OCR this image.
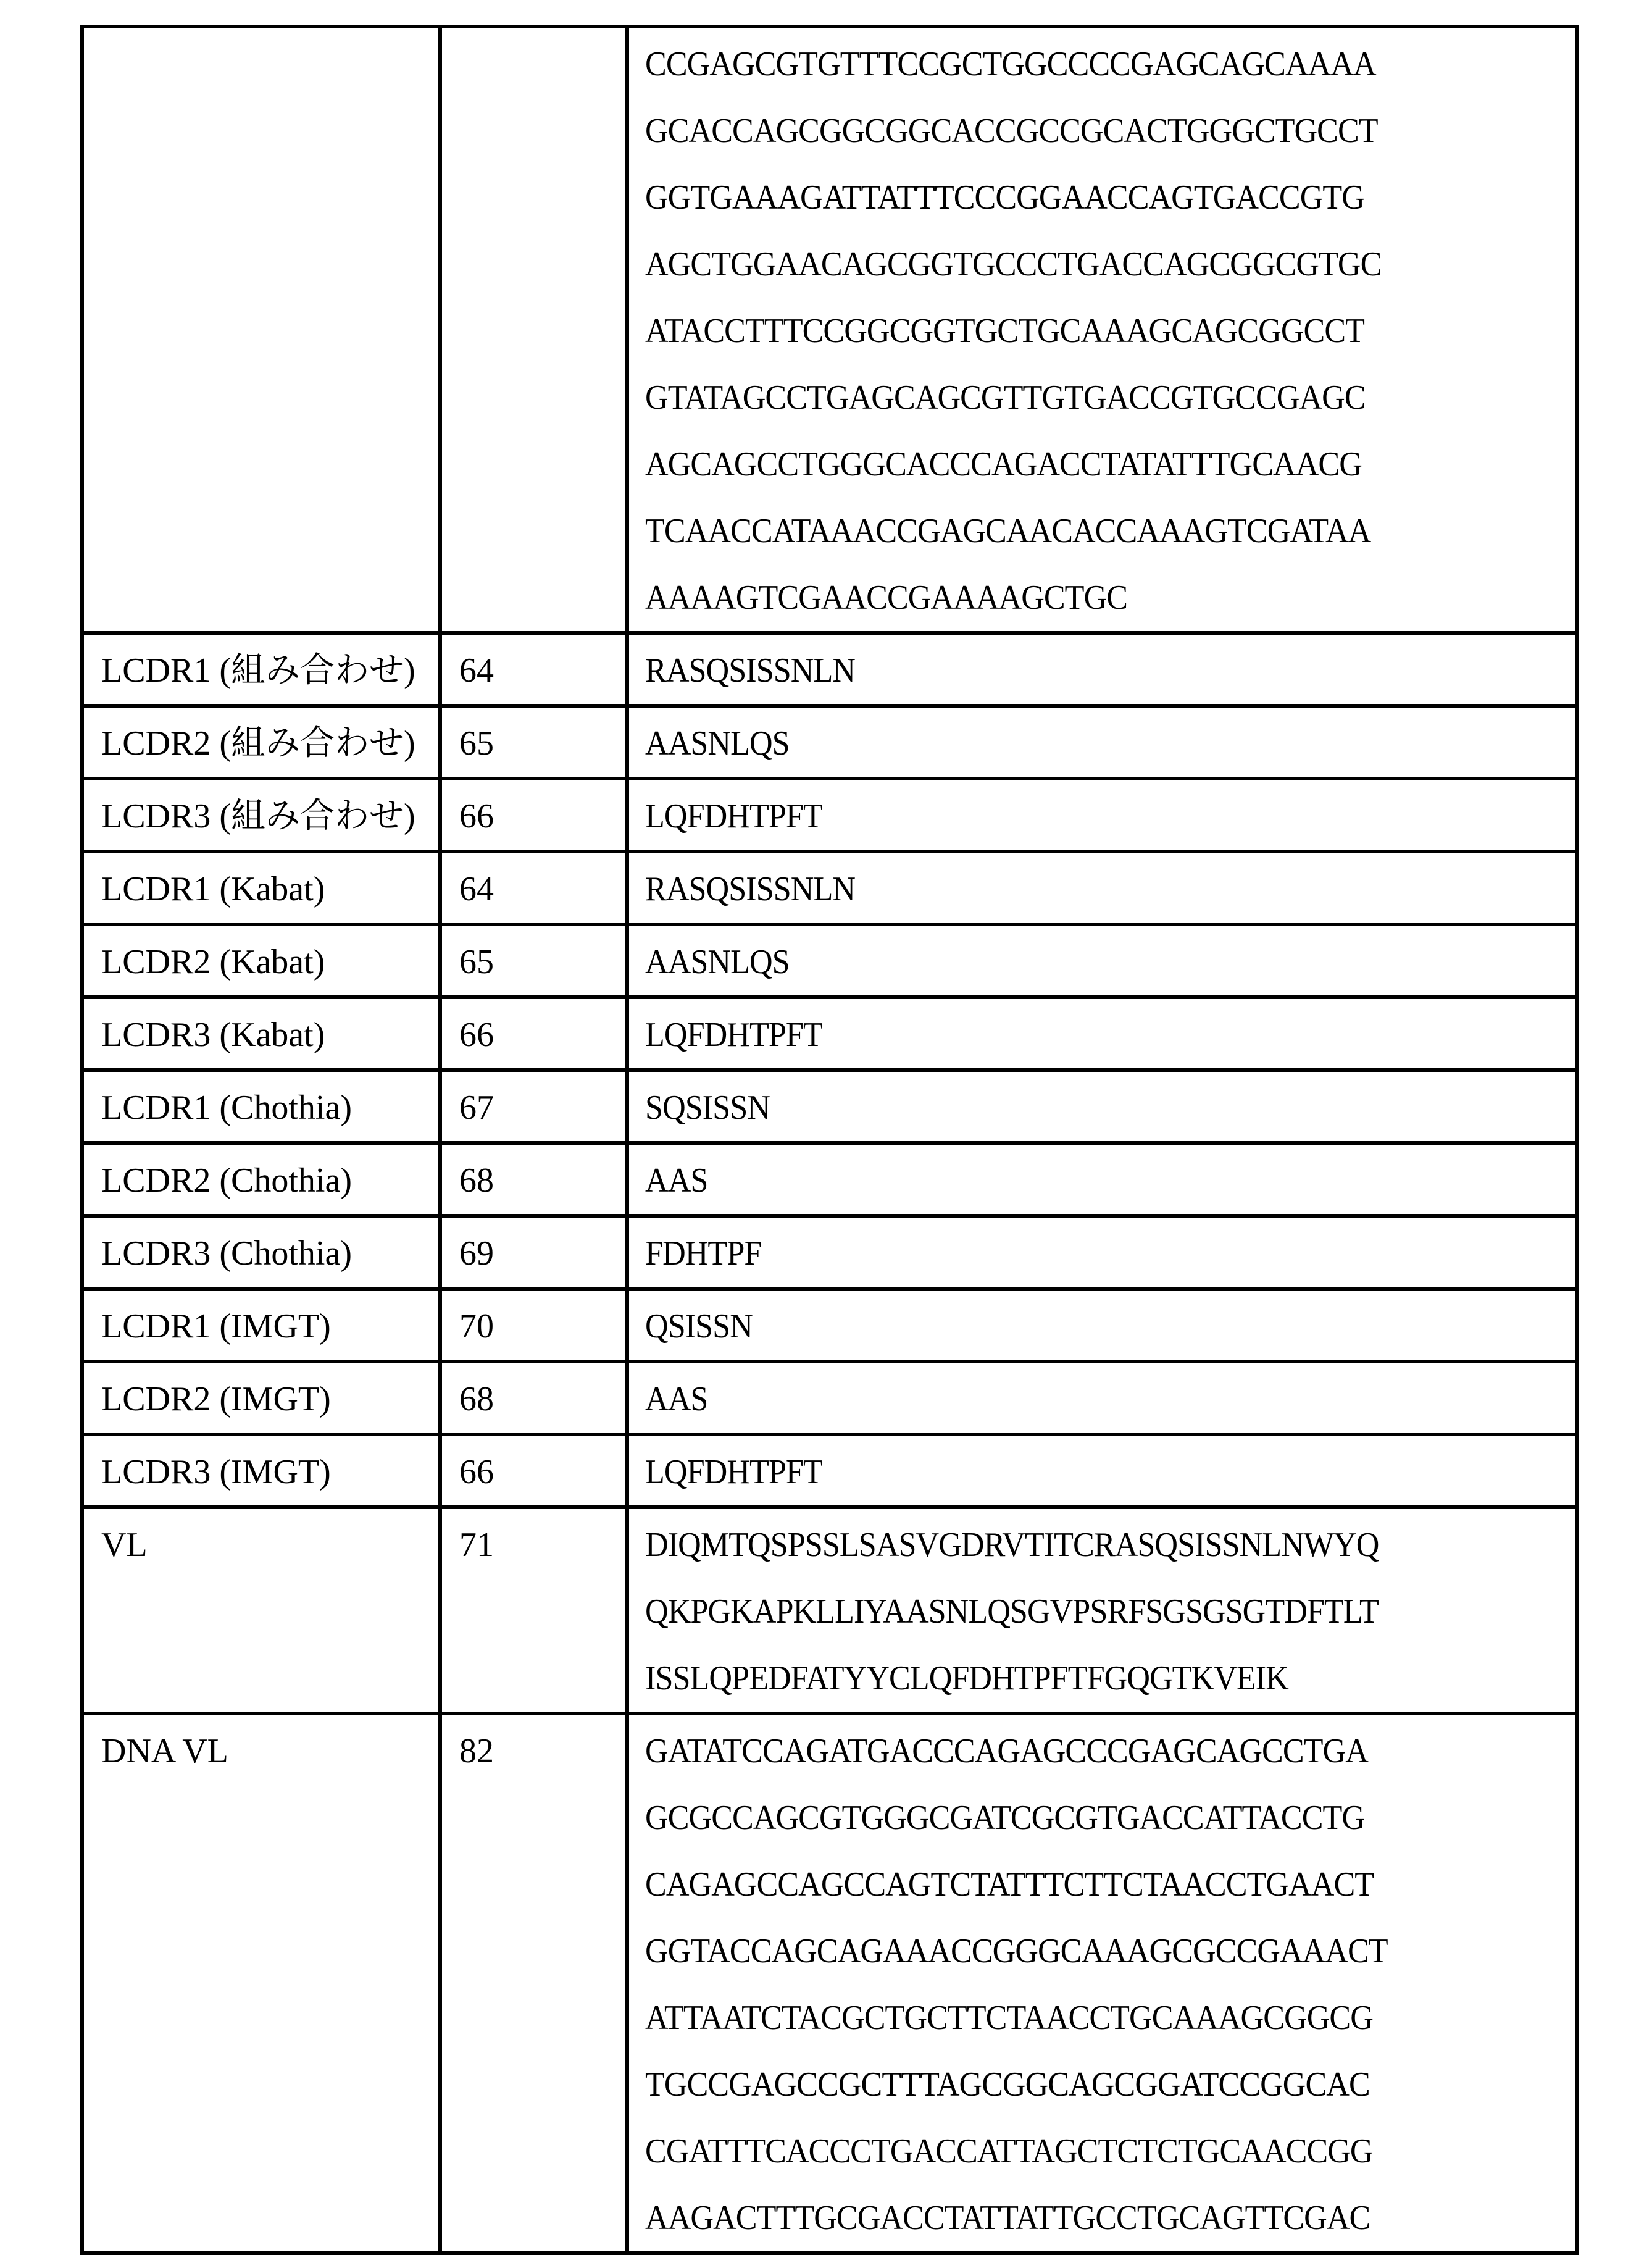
CCGAGCGTGTTTCCGCTGGCCCCGAGCAGCAAAA
GCACCAGCGGCGGCACCGCCGCACTGGGCTGCCT
GGTGAAAGATTATTTCCCGGAACCAGTGACCGTG
AGCTGGAACAGCGGTGCCCTGACCAGCGGCGTGC
ATACCTTTCCGGCGGTGCTGCAAAGCAGCGGCCT
GTATAGCCTGAGCAGCGTTGTGACCGTGCCGAGC
AGCAGCCTGGGCACCCAGACCTATATTTGCAACG
TCAACCATAAACCGAGCAACACCAAAGTCGATAA
AAAAGTCGAACCGAAAAGCTGC

LCDR1 (組み合わせ)	64	RASQSISSNLN

LCDR2 (組み合わせ)	65	AASNLQS

LCDR3 (組み合わせ)	66	LQFDHTPFT

LCDR1 (Kabat)	64	RASQSISSNLN

LCDR2 (Kabat)	65	AASNLQS

LCDR3 (Kabat)	66	LQFDHTPFT

LCDR1 (Chothia)	67	SQSISSN

LCDR2 (Chothia)	68	AAS

LCDR3 (Chothia)	69	FDHTPF

LCDR1 (IMGT)	70	QSISSN

LCDR2 (IMGT)	68	AAS

LCDR3 (IMGT)	66	LQFDHTPFT

VL	71	DIQMTQSPSSLSASVGDRVTITCRASQSISSNLNWYQ
QKPGKAPKLLIYAASNLQSGVPSRFSGSGSGTDFTLT
ISSLQPEDFATYYCLQFDHTPFTFGQGTKVEIK

DNA VL	82	GATATCCAGATGACCCAGAGCCCGAGCAGCCTGA
GCGCCAGCGTGGGCGATCGCGTGACCATTACCTG
CAGAGCCAGCCAGTCTATTTCTTCTAACCTGAACT
GGTACCAGCAGAAACCGGGCAAAGCGCCGAAACT
ATTAATCTACGCTGCTTCTAACCTGCAAAGCGGCG
TGCCGAGCCGCTTTAGCGGCAGCGGATCCGGCAC
CGATTTCACCCTGACCATTAGCTCTCTGCAACCGG
AAGACTTTGCGACCTATTATTGCCTGCAGTTCGAC
